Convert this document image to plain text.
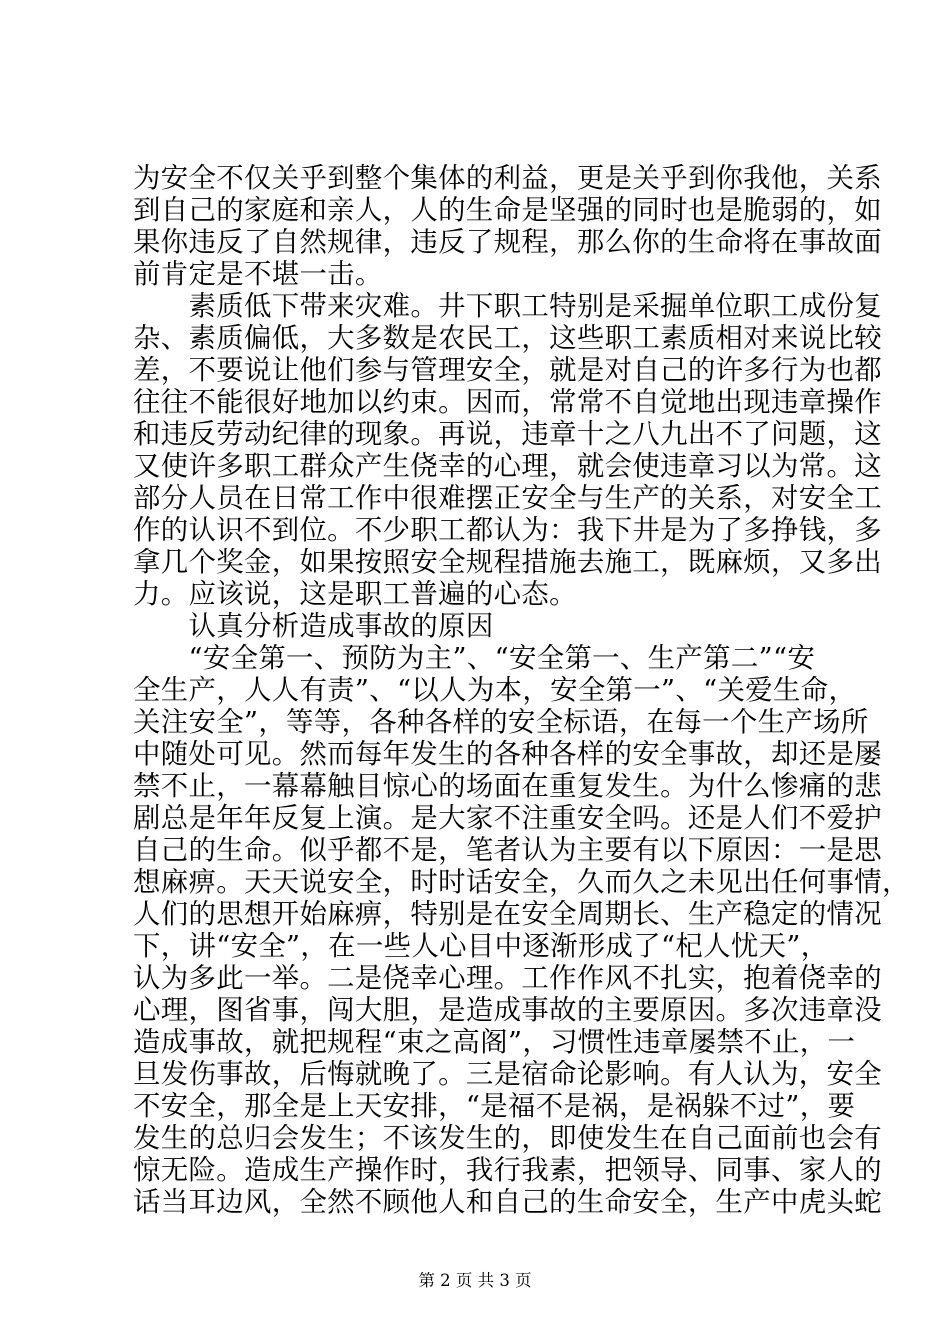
为安全不仅关乎到整个集体的利益，更是关乎到你我他，关系
到自己的家庭和亲人，人的生命是坚强的同时也是脆弱的，如
果你违反了自然规律，违反了规程，那么你的生命将在事故面
前肯定是不堪一击。
　　素质低下带来灾难。井下职工特别是采掘单位职工成份复
杂、素质偏低，大多数是农民工，这些职工素质相对来说比较
差，不要说让他们参与管理安全，就是对自己的许多行为也都
往往不能很好地加以约束。因而，常常不自觉地出现违章操作
和违反劳动纪律的现象。再说，违章十之八九出不了问题，这
又使许多职工群众产生侥幸的心理，就会使违章习以为常。这
部分人员在日常工作中很难摆正安全与生产的关系，对安全工
作的认识不到位。不少职工都认为：我下井是为了多挣钱，多
拿几个奖金，如果按照安全规程措施去施工，既麻烦，又多出
力。应该说，这是职工普遍的心态。
　　认真分析造成事故的原因
　　“安全第一、预防为主”、“安全第一、生产第二”“安
全生产，人人有责”、“以人为本，安全第一”、“关爱生命，
关注安全”，等等，各种各样的安全标语，在每一个生产场所
中随处可见。然而每年发生的各种各样的安全事故，却还是屡
禁不止，一幕幕触目惊心的场面在重复发生。为什么惨痛的悲
剧总是年年反复上演。是大家不注重安全吗。还是人们不爱护
自己的生命。似乎都不是，笔者认为主要有以下原因：一是思
想麻痹。天天说安全，时时话安全，久而久之未见出任何事情，
人们的思想开始麻痹，特别是在安全周期长、生产稳定的情况
下，讲“安全”，在一些人心目中逐渐形成了“杞人忧天”，
认为多此一举。二是侥幸心理。工作作风不扎实，抱着侥幸的
心理，图省事，闯大胆，是造成事故的主要原因。多次违章没
造成事故，就把规程“束之高阁”，习惯性违章屡禁不止，一
旦发伤事故，后悔就晚了。三是宿命论影响。有人认为，安全
不安全，那全是上天安排，“是福不是祸，是祸躲不过”，要
发生的总归会发生；不该发生的，即使发生在自己面前也会有
惊无险。造成生产操作时，我行我素，把领导、同事、家人的
话当耳边风，全然不顾他人和自己的生命安全，生产中虎头蛇
第 2 页 共 3 页
